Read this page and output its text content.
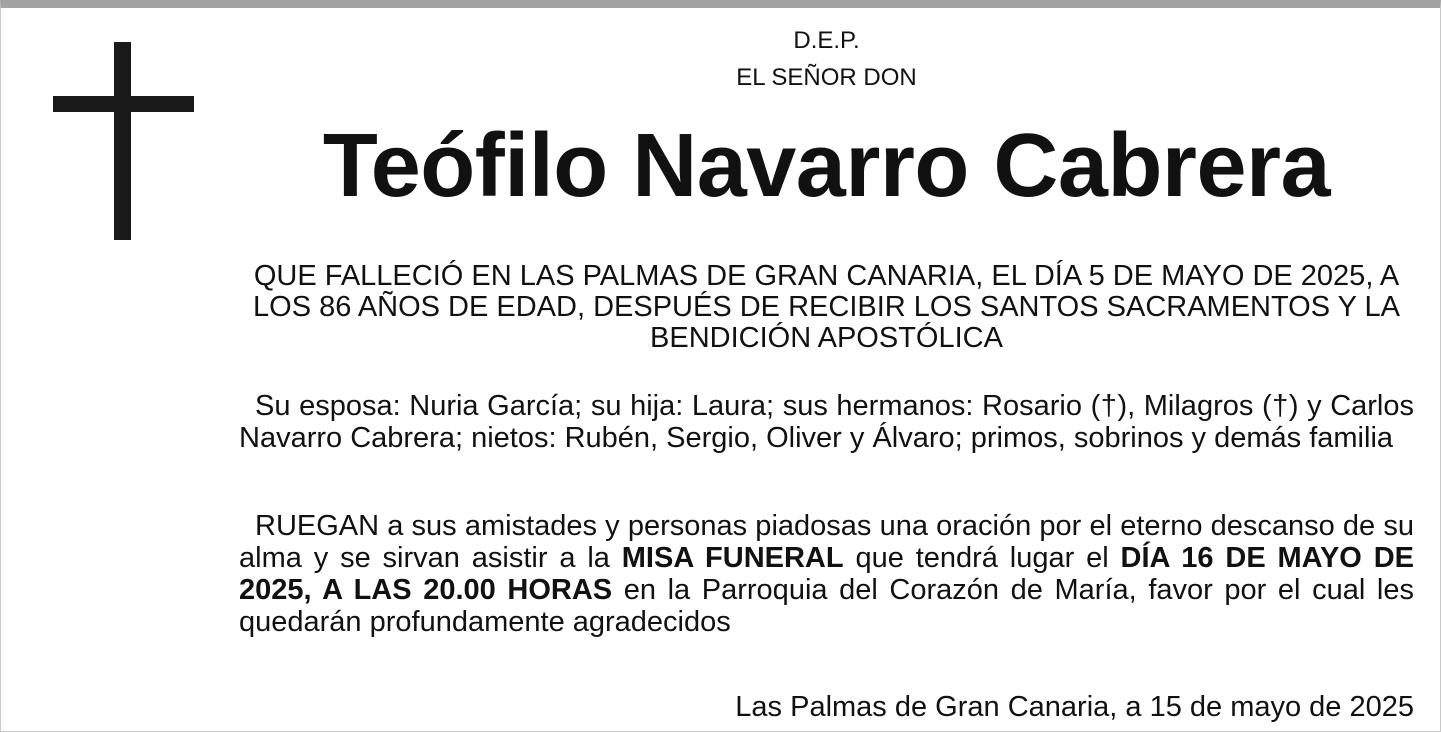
D.E.P.
EL SEÑOR DON
Teófilo Navarro Cabrera
QUE FALLECIÓ EN LAS PALMAS DE GRAN CANARIA, EL DÍA 5 DE MAYO DE 2025, A LOS 86 AÑOS DE EDAD, DESPUÉS DE RECIBIR LOS SANTOS SACRAMENTOS Y LA BENDICIÓN APOSTÓLICA
Su esposa: Nuria García; su hija: Laura; sus hermanos: Rosario (†), Milagros (†) y Carlos Navarro Cabrera; nietos: Rubén, Sergio, Oliver y Álvaro; primos, sobrinos y demás familia
RUEGAN a sus amistades y personas piadosas una oración por el eterno descanso de su alma y se sirvan asistir a la MISA FUNERAL que tendrá lugar el DÍA 16 DE MAYO DE 2025, A LAS 20.00 HORAS en la Parroquia del Corazón de María, favor por el cual les quedarán profundamente agradecidos
Las Palmas de Gran Canaria, a 15 de mayo de 2025
